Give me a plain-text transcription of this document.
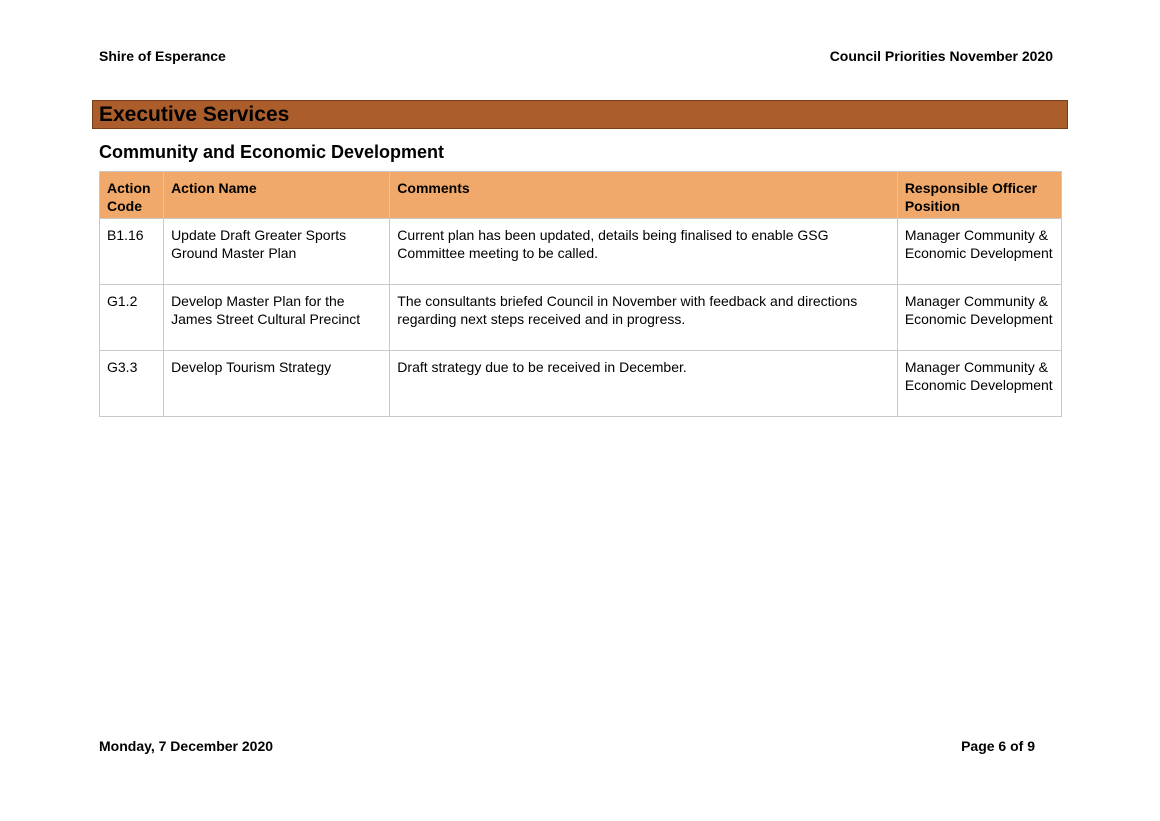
Shire of Esperance	Council Priorities November 2020
Executive Services
Community and Economic Development
Action Code	Action Name	Comments	Responsible Officer Position
B1.16	Update Draft Greater Sports Ground Master Plan	Current plan has been updated, details being finalised to enable GSG Committee meeting to be called.	Manager Community & Economic Development
G1.2	Develop Master Plan for the James Street Cultural Precinct	The consultants briefed Council in November with feedback and directions regarding next steps received and in progress.	Manager Community & Economic Development
G3.3	Develop Tourism Strategy	Draft strategy due to be received in December.	Manager Community & Economic Development
Monday, 7 December 2020	Page 6 of 9
